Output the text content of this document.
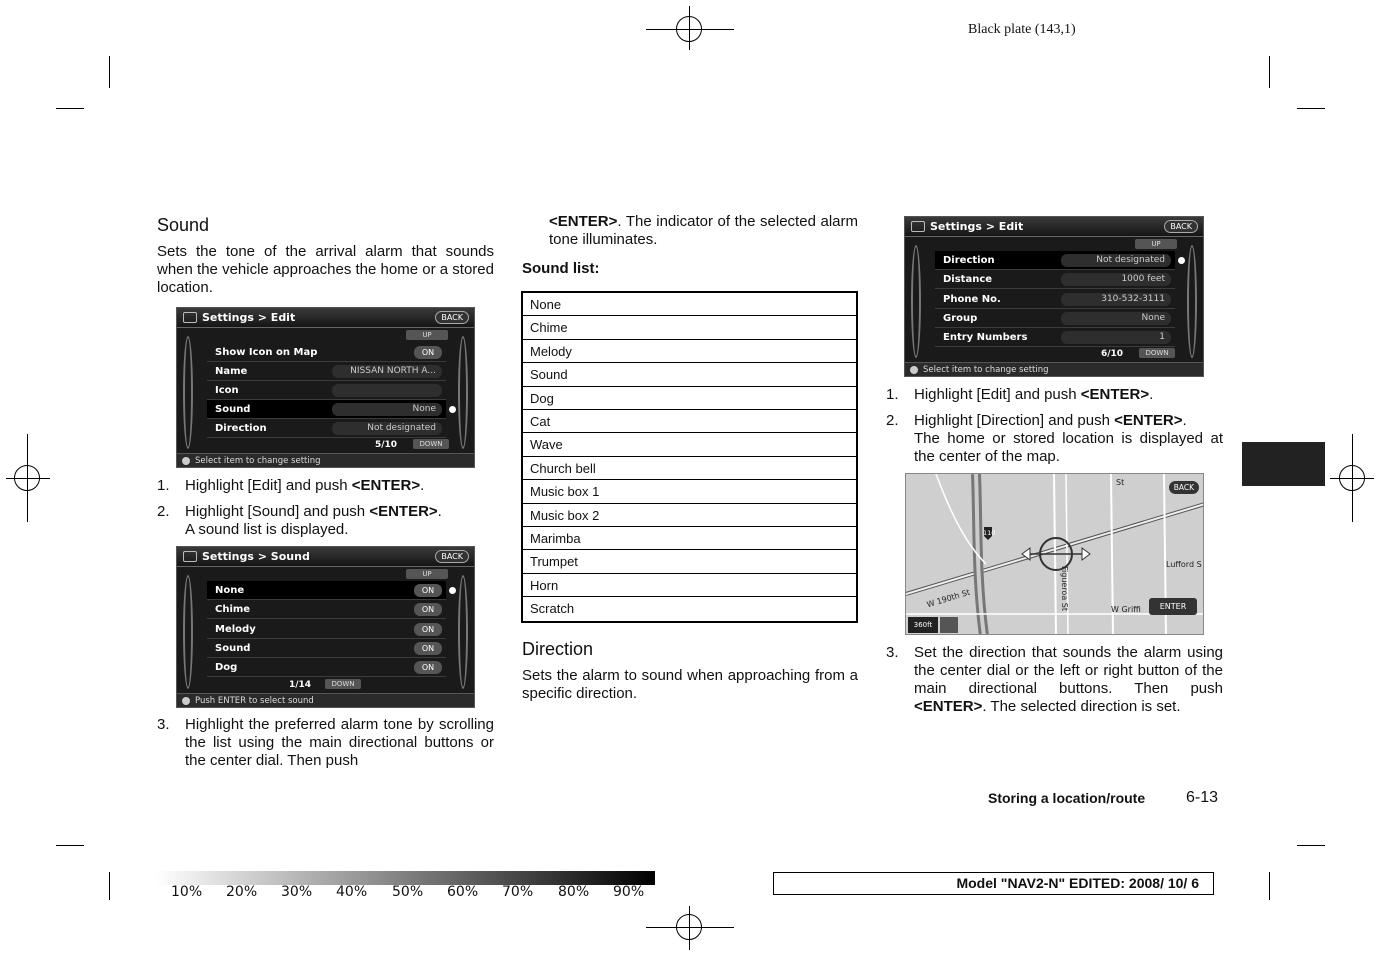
Black plate (143,1)
Sound
Sets the tone of the arrival alarm that sounds when the vehicle approaches the home or a stored location.
Settings > Edit	BACK
UP
Show Icon on Map	ON
Name	NISSAN NORTH A...
Icon
Sound	None
Direction	Not designated
5/10	DOWN
Select item to change setting
1. Highlight [Edit] and push <ENTER>.
2. Highlight [Sound] and push <ENTER>.
A sound list is displayed.
Settings > Sound	BACK
UP
None	ON
Chime	ON
Melody	ON
Sound	ON
Dog	ON
1/14	DOWN
Push ENTER to select sound
3. Highlight the preferred alarm tone by scrolling the list using the main directional buttons or the center dial. Then push
<ENTER>. The indicator of the selected alarm tone illuminates.
Sound list:
None
Chime
Melody
Sound
Dog
Cat
Wave
Church bell
Music box 1
Music box 2
Marimba
Trumpet
Horn
Scratch
Direction
Sets the alarm to sound when approaching from a specific direction.
Settings > Edit	BACK
UP
Direction	Not designated
Distance	1000 feet
Phone No.	310-532-3111
Group	None
Entry Numbers	1
6/10	DOWN
Select item to change setting
1. Highlight [Edit] and push <ENTER>.
2. Highlight [Direction] and push <ENTER>.
The home or stored location is displayed at the center of the map.
110
W 190th St
Lufford S
W Griffi
Figueroa St
St
BACK
ENTER
360ft
3. Set the direction that sounds the alarm using the center dial or the left or right button of the main directional buttons. Then push <ENTER>. The selected direction is set.
Storing a location/route	6-13
10% 20% 30% 40% 50% 60% 70% 80% 90%
Model "NAV2-N" EDITED: 2008/ 10/ 6
